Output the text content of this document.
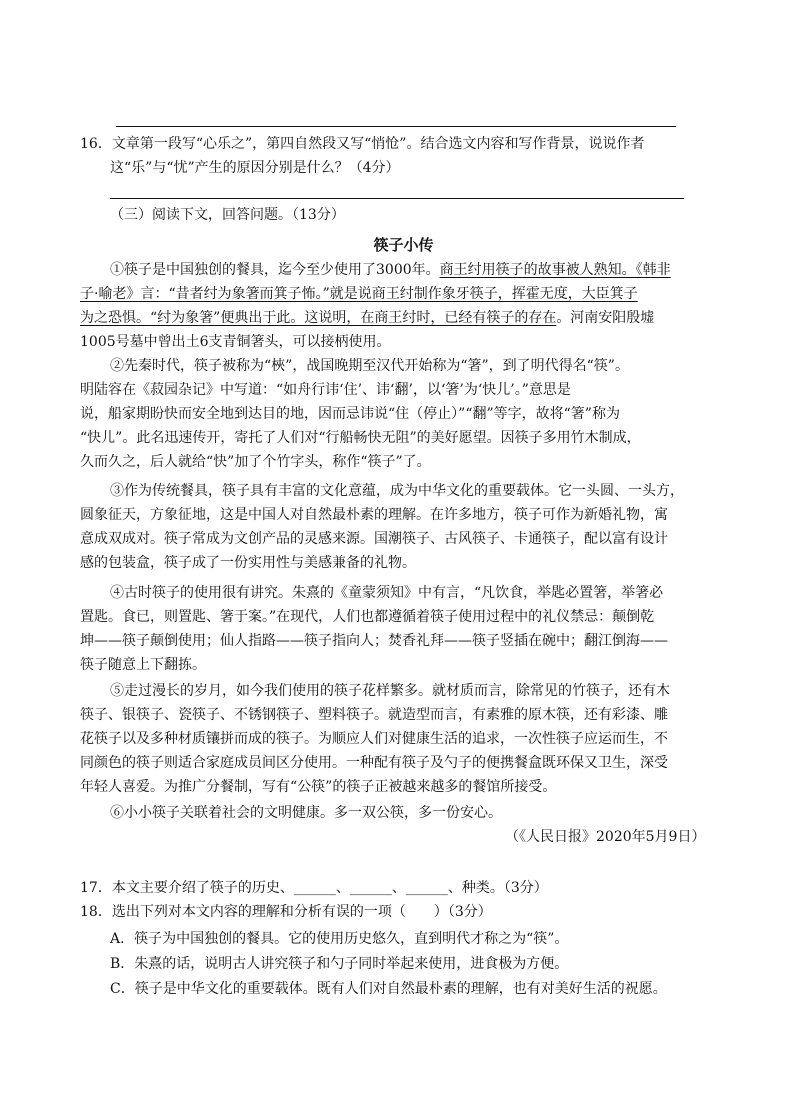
16．文章第一段写“心乐之”，第四自然段又写“悄怆”。结合选文内容和写作背景，说说作者
这“乐”与“忧”产生的原因分别是什么？（4分）
（三）阅读下文，回答问题。（13分）
筷子小传
①筷子是中国独创的餐具，迄今至少使用了3000年。商王纣用筷子的故事被人熟知。《韩非
子·喻老》言：“昔者纣为象箸而箕子怖。”就是说商王纣制作象牙筷子，挥霍无度，大臣箕子
为之恐惧。“纣为象箸”便典出于此。这说明，在商王纣时，已经有筷子的存在。河南安阳殷墟
1005号墓中曾出土6支青铜箸头，可以接柄使用。
②先秦时代，筷子被称为“梜”，战国晚期至汉代开始称为“箸”，到了明代得名“筷”。
明陆容在《菽园杂记》中写道：“如舟行讳‘住’、讳‘翻’，以‘箸’为‘快儿’。”意思是
说，船家期盼快而安全地到达目的地，因而忌讳说“住（停止）”“翻”等字，故将“箸”称为
“快儿”。此名迅速传开，寄托了人们对“行船畅快无阻”的美好愿望。因筷子多用竹木制成，
久而久之，后人就给“快”加了个竹字头，称作“筷子”了。
③作为传统餐具，筷子具有丰富的文化意蕴，成为中华文化的重要载体。它一头圆、一头方，
圆象征天，方象征地，这是中国人对自然最朴素的理解。在许多地方，筷子可作为新婚礼物，寓
意成双成对。筷子常成为文创产品的灵感来源。国潮筷子、古风筷子、卡通筷子，配以富有设计
感的包装盒，筷子成了一份实用性与美感兼备的礼物。
④古时筷子的使用很有讲究。朱熹的《童蒙须知》中有言，“凡饮食，举匙必置箸，举箸必
置匙。食已，则置匙、箸于案。”在现代，人们也都遵循着筷子使用过程中的礼仪禁忌：颠倒乾
坤——筷子颠倒使用；仙人指路——筷子指向人；焚香礼拜——筷子竖插在碗中；翻江倒海——
筷子随意上下翻拣。
⑤走过漫长的岁月，如今我们使用的筷子花样繁多。就材质而言，除常见的竹筷子，还有木
筷子、银筷子、瓷筷子、不锈钢筷子、塑料筷子。就造型而言，有素雅的原木筷，还有彩漆、雕
花筷子以及多种材质镶拼而成的筷子。为顺应人们对健康生活的追求，一次性筷子应运而生，不
同颜色的筷子则适合家庭成员间区分使用。一种配有筷子及勺子的便携餐盒既环保又卫生，深受
年轻人喜爱。为推广分餐制，写有“公筷”的筷子正被越来越多的餐馆所接受。
⑥小小筷子关联着社会的文明健康。多一双公筷，多一份安心。
（《人民日报》2020年5月9日）
17．本文主要介绍了筷子的历史、______、______、______、种类。（3分）
18．选出下列对本文内容的理解和分析有误的一项（　　）（3分）
A．筷子为中国独创的餐具。它的使用历史悠久，直到明代才称之为“筷”。
B．朱熹的话，说明古人讲究筷子和勺子同时举起来使用，进食极为方便。
C．筷子是中华文化的重要载体。既有人们对自然最朴素的理解，也有对美好生活的祝愿。
